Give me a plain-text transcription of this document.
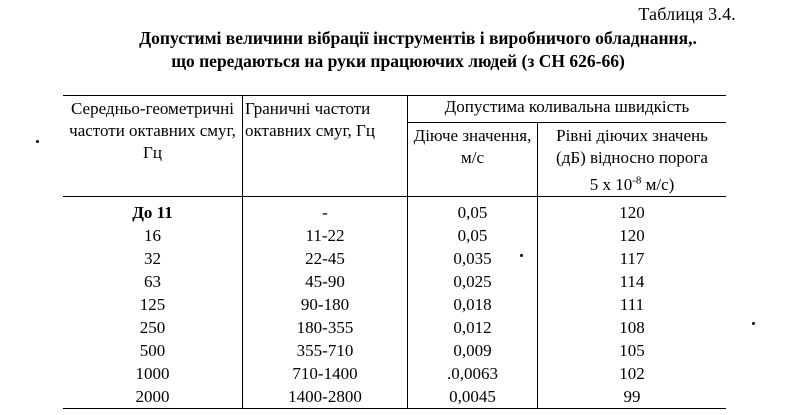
Таблиця 3.4.
Допустимі величини вібрації інструментів і виробничого обладнання,.
що передаються на руки працюючих людей (з СН 626-66)
Середньо-геометричні частоти октавних смуг, Гц	Граничні частоти октавних смуг, Гц	Допустима коливальна швидкість	
		Діюче значення, м/с	Рівні діючих значень
(дБ) відносно порога
5 х $10^{-8}$ м/с)
До 11	-	0,05	120
16	11-22	0,05	120
32	22-45	0,035	117
63	45-90	0,025	114
125	90-180	0,018	111
250	180-355	0,012	108
500	355-710	0,009	105
1000	710-1400	.0,0063	102
2000	1400-2800	0,0045	99
